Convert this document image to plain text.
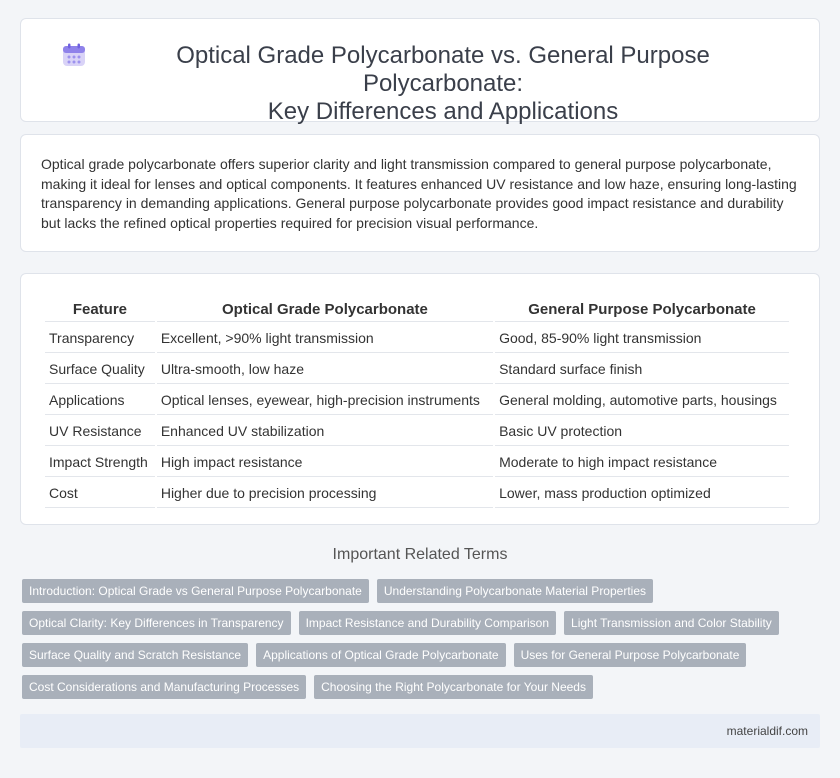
Optical Grade Polycarbonate vs. General Purpose Polycarbonate:
Key Differences and Applications

Optical grade polycarbonate offers superior clarity and light transmission compared to general purpose polycarbonate, making it ideal for lenses and optical components. It features enhanced UV resistance and low haze, ensuring long-lasting transparency in demanding applications. General purpose polycarbonate provides good impact resistance and durability but lacks the refined optical properties required for precision visual performance.

Feature	Optical Grade Polycarbonate	General Purpose Polycarbonate
Transparency	Excellent, >90% light transmission	Good, 85-90% light transmission
Surface Quality	Ultra-smooth, low haze	Standard surface finish
Applications	Optical lenses, eyewear, high-precision instruments	General molding, automotive parts, housings
UV Resistance	Enhanced UV stabilization	Basic UV protection
Impact Strength	High impact resistance	Moderate to high impact resistance
Cost	Higher due to precision processing	Lower, mass production optimized
Important Related Terms
Introduction: Optical Grade vs General Purpose Polycarbonate	Understanding Polycarbonate Material Properties
Optical Clarity: Key Differences in Transparency	Impact Resistance and Durability Comparison	Light Transmission and Color Stability
Surface Quality and Scratch Resistance	Applications of Optical Grade Polycarbonate	Uses for General Purpose Polycarbonate
Cost Considerations and Manufacturing Processes	Choosing the Right Polycarbonate for Your Needs
materialdif.com
